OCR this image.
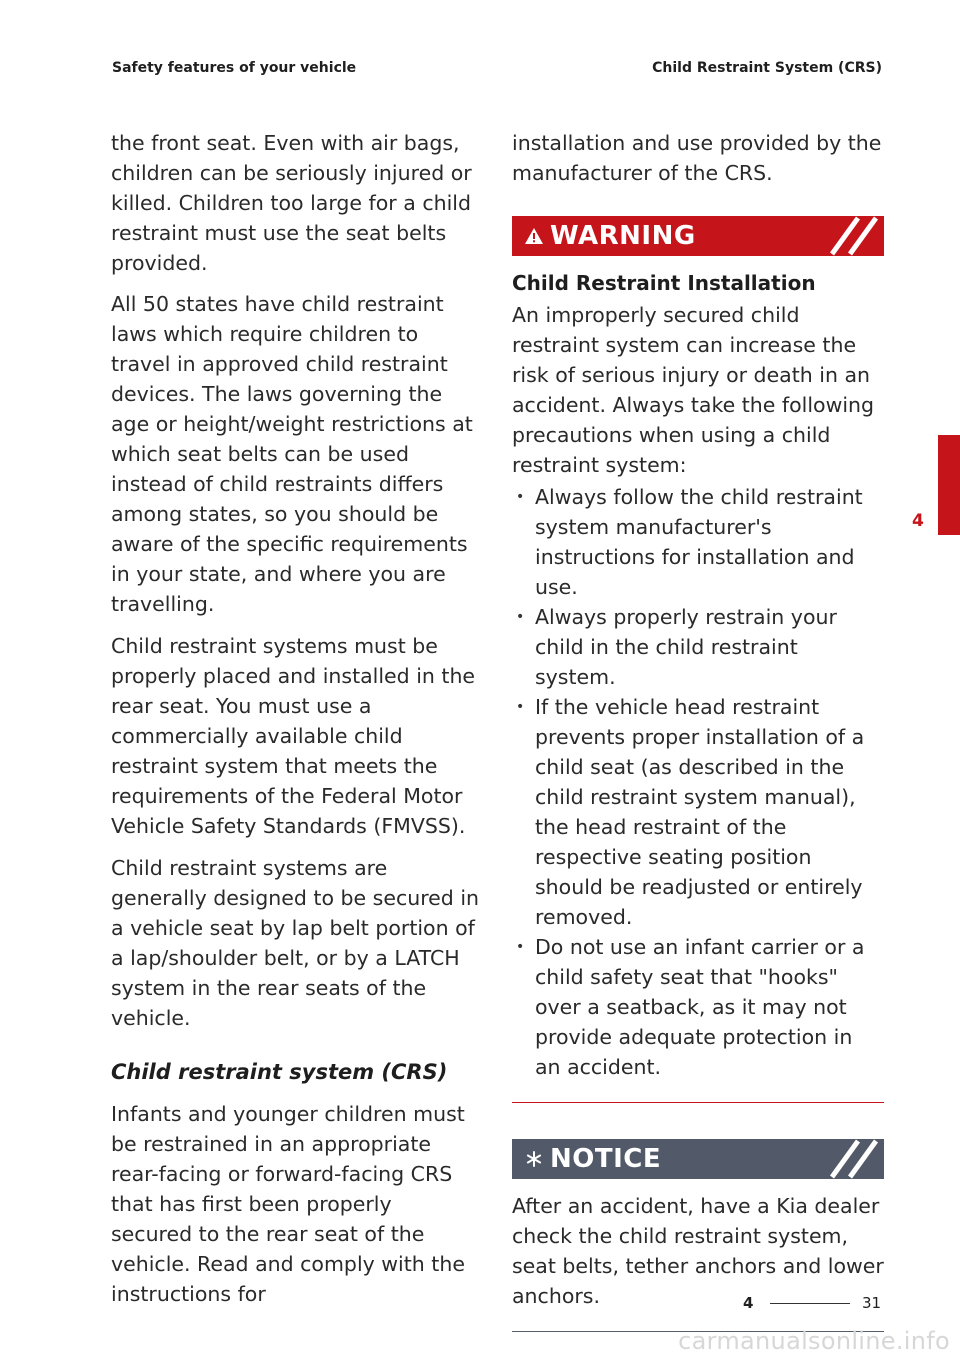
Safety features of your vehicle	Child Restraint System (CRS)

the front seat. Even with air bags, children can be seriously injured or killed. Children too large for a child restraint must use the seat belts provided.

All 50 states have child restraint laws which require children to travel in approved child restraint devices. The laws governing the age or height/weight restrictions at which seat belts can be used instead of child restraints differs among states, so you should be aware of the specific requirements in your state, and where you are travelling.

Child restraint systems must be properly placed and installed in the rear seat. You must use a commercially available child restraint system that meets the requirements of the Federal Motor Vehicle Safety Standards (FMVSS).

Child restraint systems are generally designed to be secured in a vehicle seat by lap belt portion of a lap/shoulder belt, or by a LATCH system in the rear seats of the vehicle.

Child restraint system (CRS)

Infants and younger children must be restrained in an appropriate rear-facing or forward-facing CRS that has first been properly secured to the rear seat of the vehicle. Read and comply with the instructions for

installation and use provided by the manufacturer of the CRS.

WARNING
Child Restraint Installation

An improperly secured child restraint system can increase the risk of serious injury or death in an accident. Always take the following precautions when using a child restraint system:

• Always follow the child restraint system manufacturer's instructions for installation and use.
• Always properly restrain your child in the child restraint system.
• If the vehicle head restraint prevents proper installation of a child seat (as described in the child restraint system manual), the head restraint of the respective seating position should be readjusted or entirely removed.
• Do not use an infant carrier or a child safety seat that "hooks" over a seatback, as it may not provide adequate protection in an accident.
NOTICE

After an accident, have a Kia dealer check the child restraint system, seat belts, tether anchors and lower anchors.

4
4	31
carmanualsonline.info
